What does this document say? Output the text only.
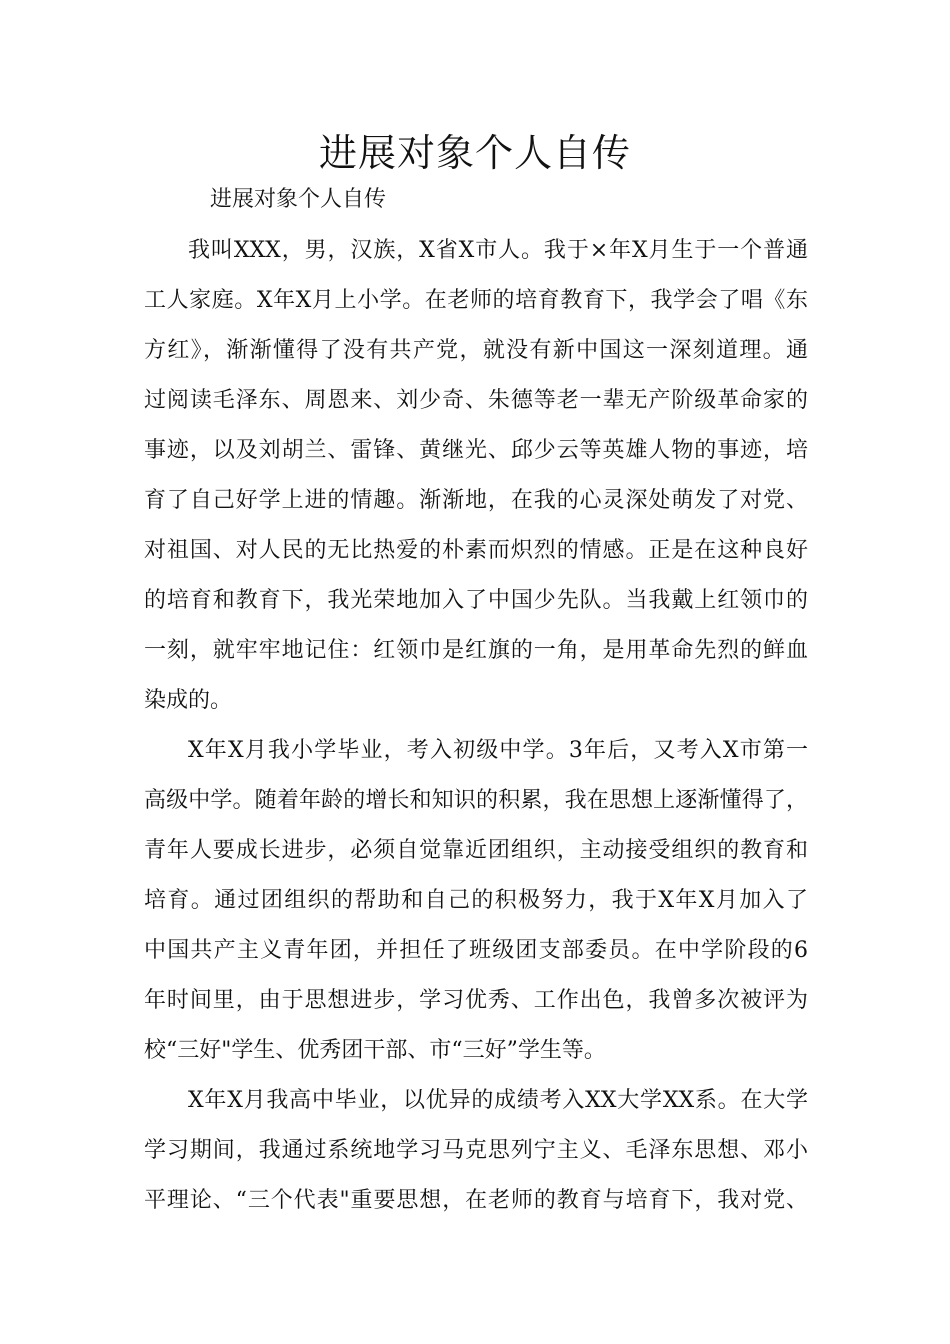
进展对象个人自传

进展对象个人自传

我叫XXX，男，汉族，X省X市人。我于×年X月生于一个普通
工人家庭。X年X月上小学。在老师的培育教育下，我学会了唱《东
方红》，渐渐懂得了没有共产党，就没有新中国这一深刻道理。通
过阅读毛泽东、周恩来、刘少奇、朱德等老一辈无产阶级革命家的
事迹，以及刘胡兰、雷锋、黄继光、邱少云等英雄人物的事迹，培
育了自己好学上进的情趣。渐渐地，在我的心灵深处萌发了对党、
对祖国、对人民的无比热爱的朴素而炽烈的情感。正是在这种良好
的培育和教育下，我光荣地加入了中国少先队。当我戴上红领巾的
一刻，就牢牢地记住：红领巾是红旗的一角，是用革命先烈的鲜血
染成的。
X年X月我小学毕业，考入初级中学。3年后，又考入X市第一
高级中学。随着年龄的增长和知识的积累，我在思想上逐渐懂得了，
青年人要成长进步，必须自觉靠近团组织，主动接受组织的教育和
培育。通过团组织的帮助和自己的积极努力，我于X年X月加入了
中国共产主义青年团，并担任了班级团支部委员。在中学阶段的6
年时间里，由于思想进步，学习优秀、工作出色，我曾多次被评为
校“三好"学生、优秀团干部、市“三好”学生等。
X年X月我高中毕业，以优异的成绩考入XX大学XX系。在大学
学习期间，我通过系统地学习马克思列宁主义、毛泽东思想、邓小
平理论、“三个代表"重要思想，在老师的教育与培育下，我对党、
